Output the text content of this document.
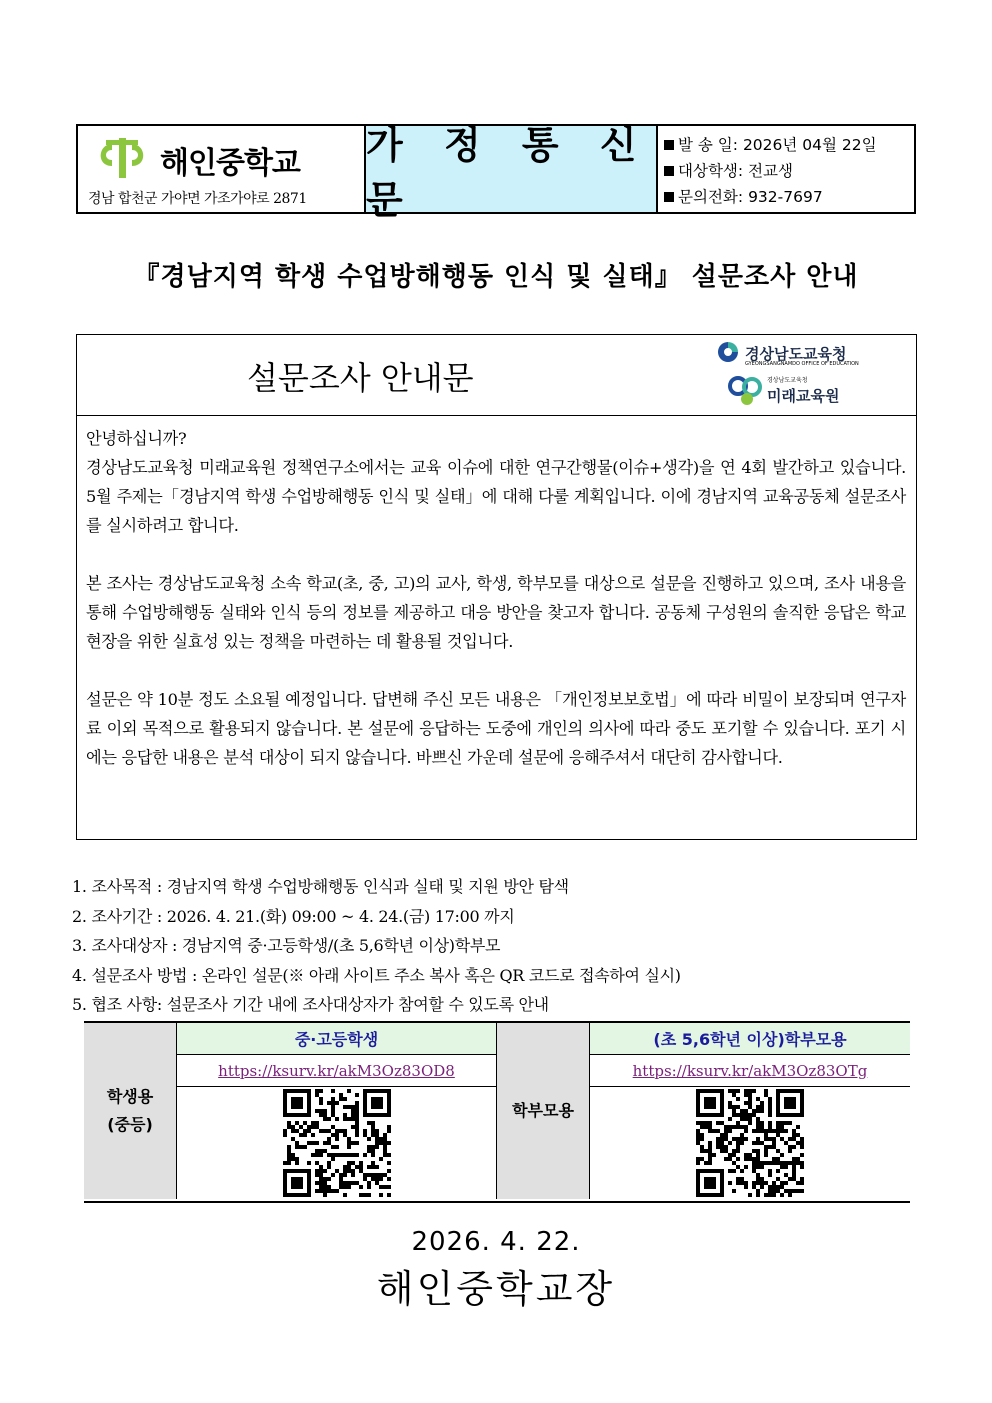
해인중학교
경남 합천군 가야면 가조가야로 2871
가 정 통 신 문
발 송 일:
2026년 04월 22일
대상학생:
전교생
문의전화:
932-7697
『경남지역 학생 수업방해행동 인식 및 실태』 설문조사 안내
설문조사 안내문
경상남도교육청
GYEONGSANGNAMDO OFFICE OF EDUCATION
경상남도교육청
미래교육원

안녕하십니까?

경상남도교육청 미래교육원 정책연구소에서는 교육 이슈에 대한 연구간행물(이슈+생각)을 연 4회 발간하고 있습니다. 5월 주제는「경남지역 학생 수업방해행동 인식 및 실태」에 대해 다룰 계획입니다. 이에 경남지역 교육공동체 설문조사를 실시하려고 합니다.

본 조사는 경상남도교육청 소속 학교(초, 중, 고)의 교사, 학생, 학부모를 대상으로 설문을 진행하고 있으며, 조사 내용을 통해 수업방해행동 실태와 인식 등의 정보를 제공하고 대응 방안을 찾고자 합니다. 공동체 구성원의 솔직한 응답은 학교 현장을 위한 실효성 있는 정책을 마련하는 데 활용될 것입니다.

설문은 약 10분 정도 소요될 예정입니다. 답변해 주신 모든 내용은 「개인정보보호법」에 따라 비밀이 보장되며 연구자료 이외 목적으로 활용되지 않습니다. 본 설문에 응답하는 도중에 개인의 의사에 따라 중도 포기할 수 있습니다. 포기 시에는 응답한 내용은 분석 대상이 되지 않습니다. 바쁘신 가운데 설문에 응해주셔서 대단히 감사합니다.

1. 조사목적 : 경남지역 학생 수업방해행동 인식과 실태 및 지원 방안 탐색
2. 조사기간 : 2026. 4. 21.(화) 09:00 ~ 4. 24.(금) 17:00 까지
3. 조사대상자 : 경남지역 중·고등학생/(초 5,6학년 이상)학부모
4. 설문조사 방법 : 온라인 설문(※ 아래 사이트 주소 복사 혹은 QR 코드로 접속하여 실시)
5. 협조 사항: 설문조사 기간 내에 조사대상자가 참여할 수 있도록 안내
학생용
(중등)
중·고등학생
https://ksurv.kr/akM3Oz83OD8
학부모용
(초 5,6학년 이상)학부모용
https://ksurv.kr/akM3Oz83OTg
2026. 4. 22.
해인중학교장
